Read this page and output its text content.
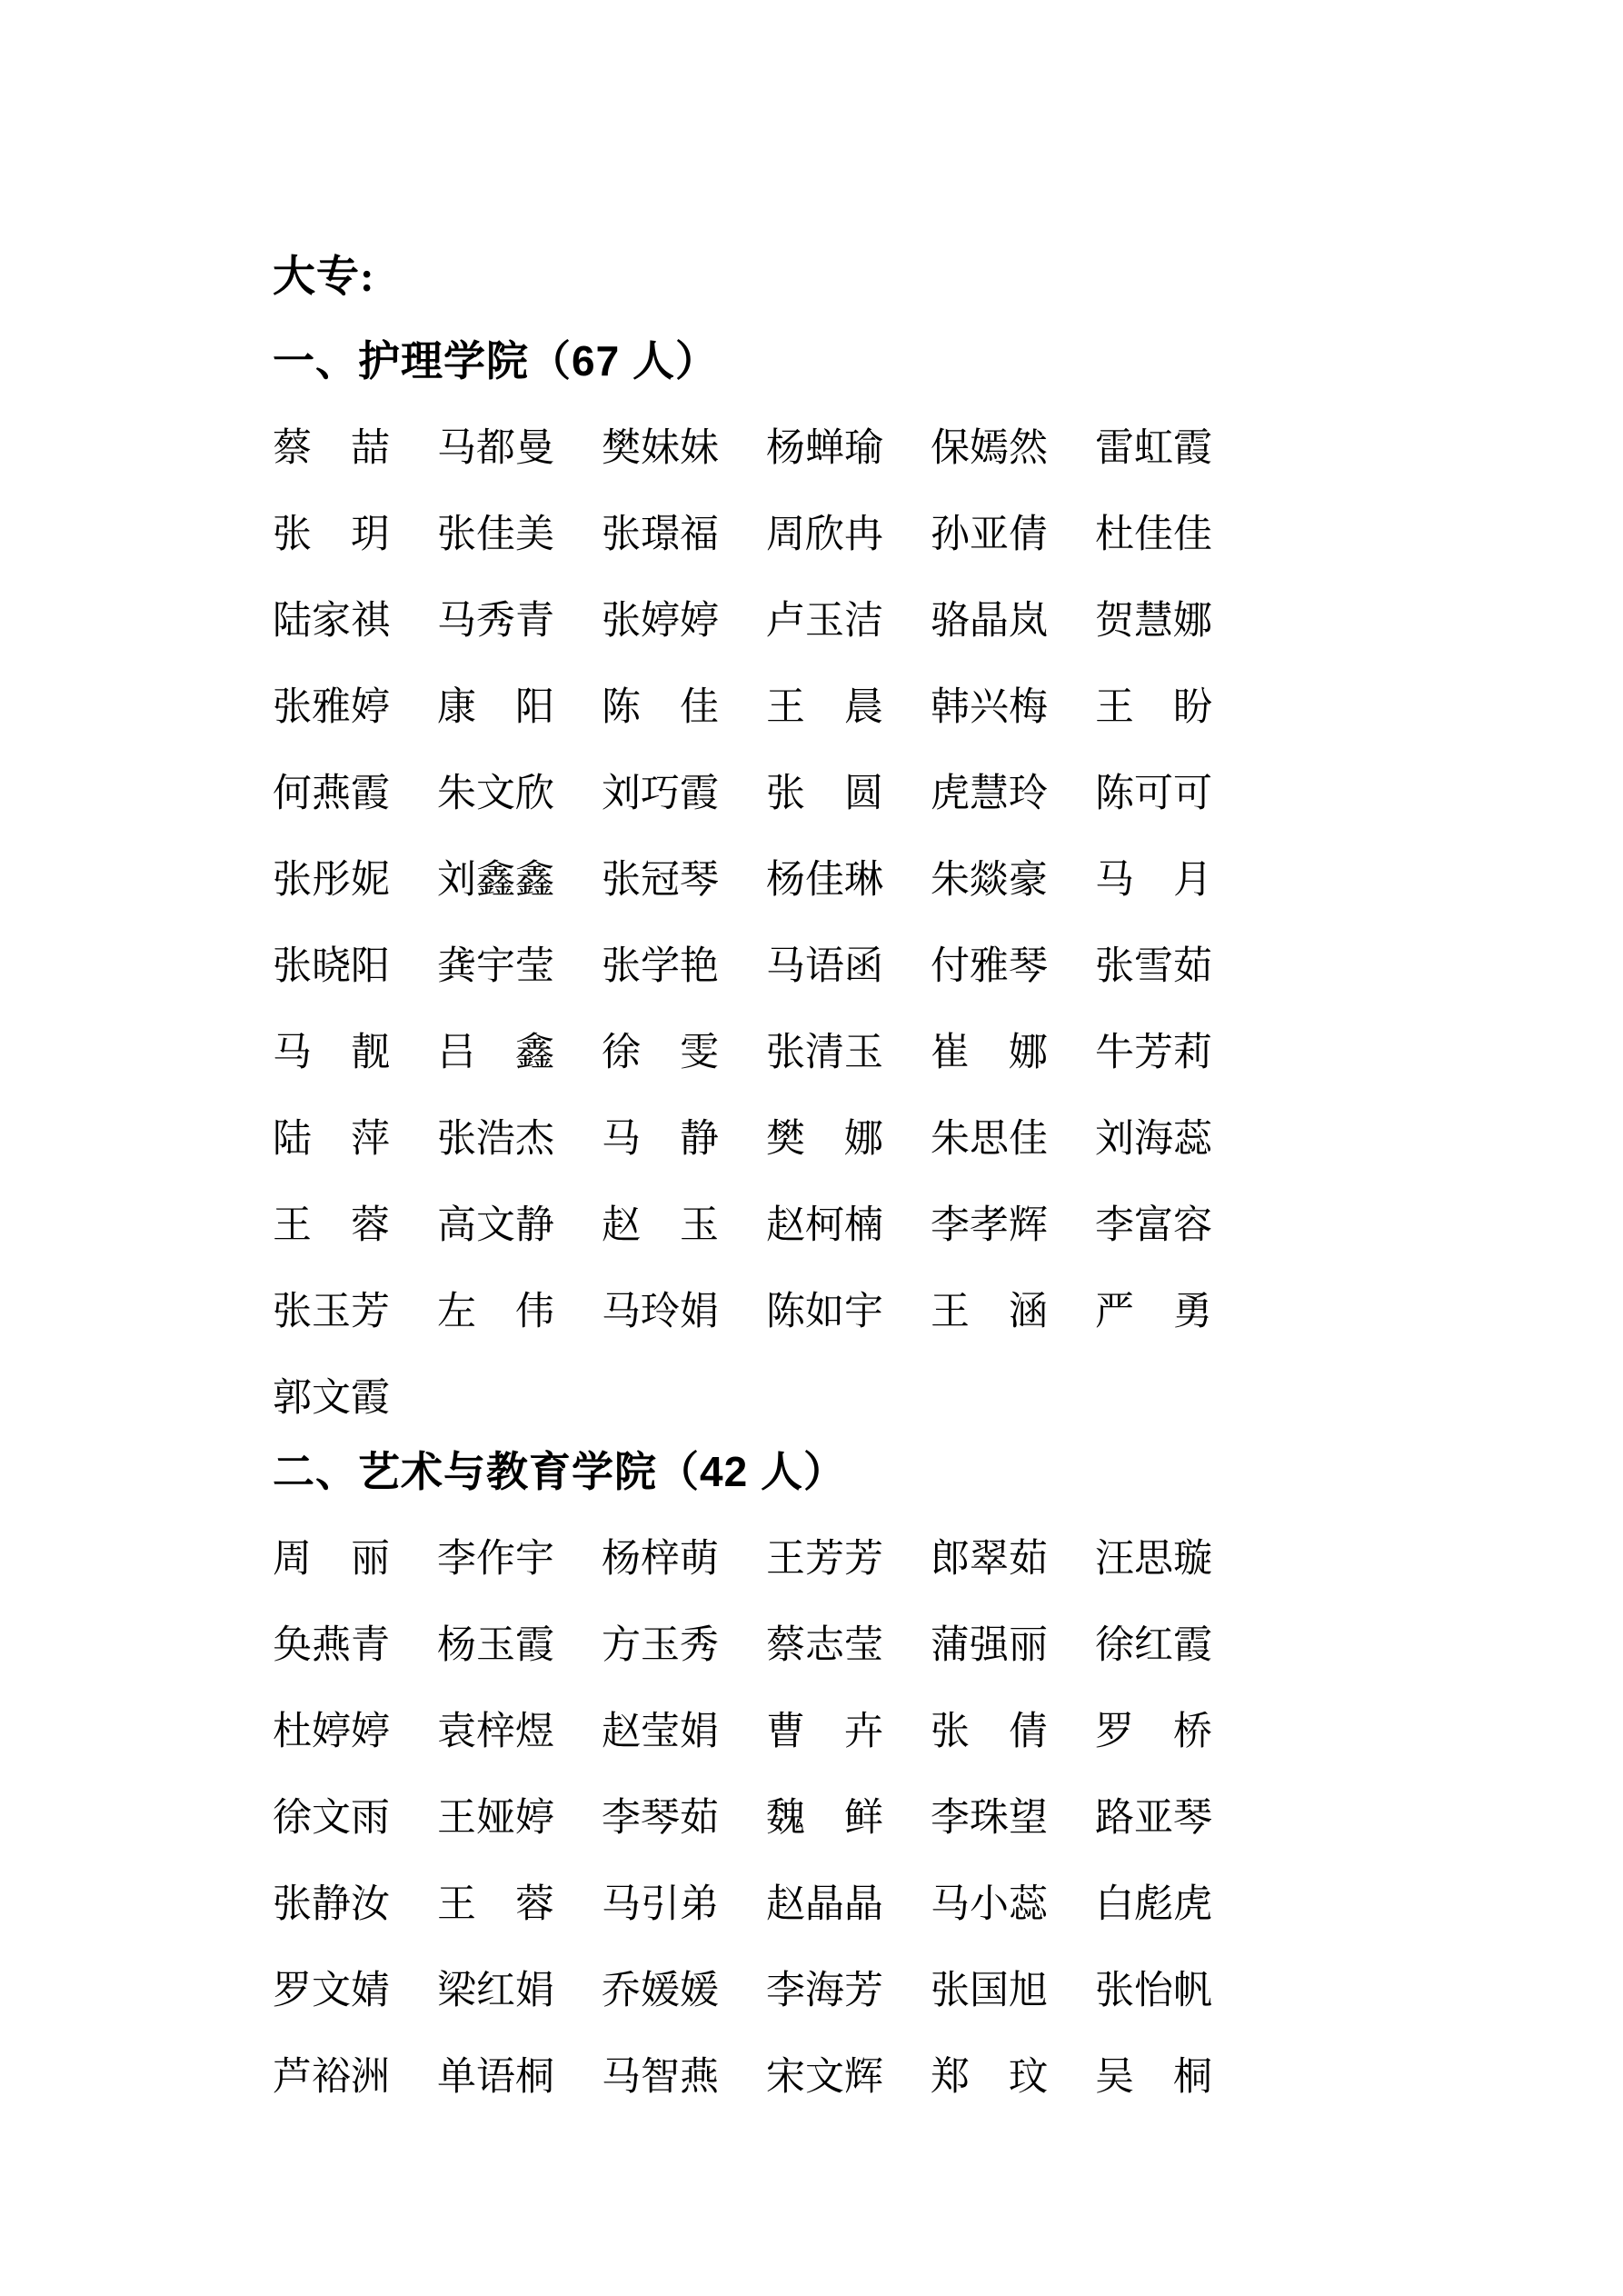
大专:
一、护理学院（67 人）
蔡　喆 马都曼 樊妹妹 杨蝉瑜 保嫣然 雷虹霞
张　玥 张佳美 张璟福 周欣冉 孙亚倩 杜佳佳
陆家祺 马秀青 张婷婷 卢玉洁 骆晶岚 贺慧娜
张雅婷 康　阳 陈　佳 王　晨 韩兴梅 王　盼
何燕霞 朱文欣 刘巧霞 张　圆 虎慧玲 陈可可
张彤妮 刘鑫鑫 张冠琴 杨佳琳 朱燚豪 马　月
张晓阳 龚宇莹 张学艳 马语函 付雅琴 张雪茹
马　靓 吕　鑫 徐　雯 张清玉 崔　娜 牛芳莉
陆　萍 张浩杰 马　静 樊　娜 朱思佳 刘海蕊
王　蓉 高文静 赵　玉 赵柯楠 李孝辉 李富容
张玉芳 左　伟 马玲娟 陈如宇 王　涵 严　勇
郭文霞
二、艺术与教育学院（42 人）
周　丽 李作宇 杨梓萌 王芳芳 郎翠茹 汪思璇
奂燕青 杨玉霞 方玉秀 蔡志莹 蒲强丽 徐红霞
杜婷婷 袁梓煜 赵莹娟 曹　卉 张　倩 罗　桥
徐文雨 王娅婷 李琴茹 魏　鲜 李珠望 路亚琴
张静汝 王　蓉 马引弟 赵晶晶 马小蕊 白彪虎
罗文婧 梁红娟 乔媛媛 李海芳 张国旭 张怡帆
芦裕洲 单语桐 马智燕 宋文辉 郑　玟 吴　桐
